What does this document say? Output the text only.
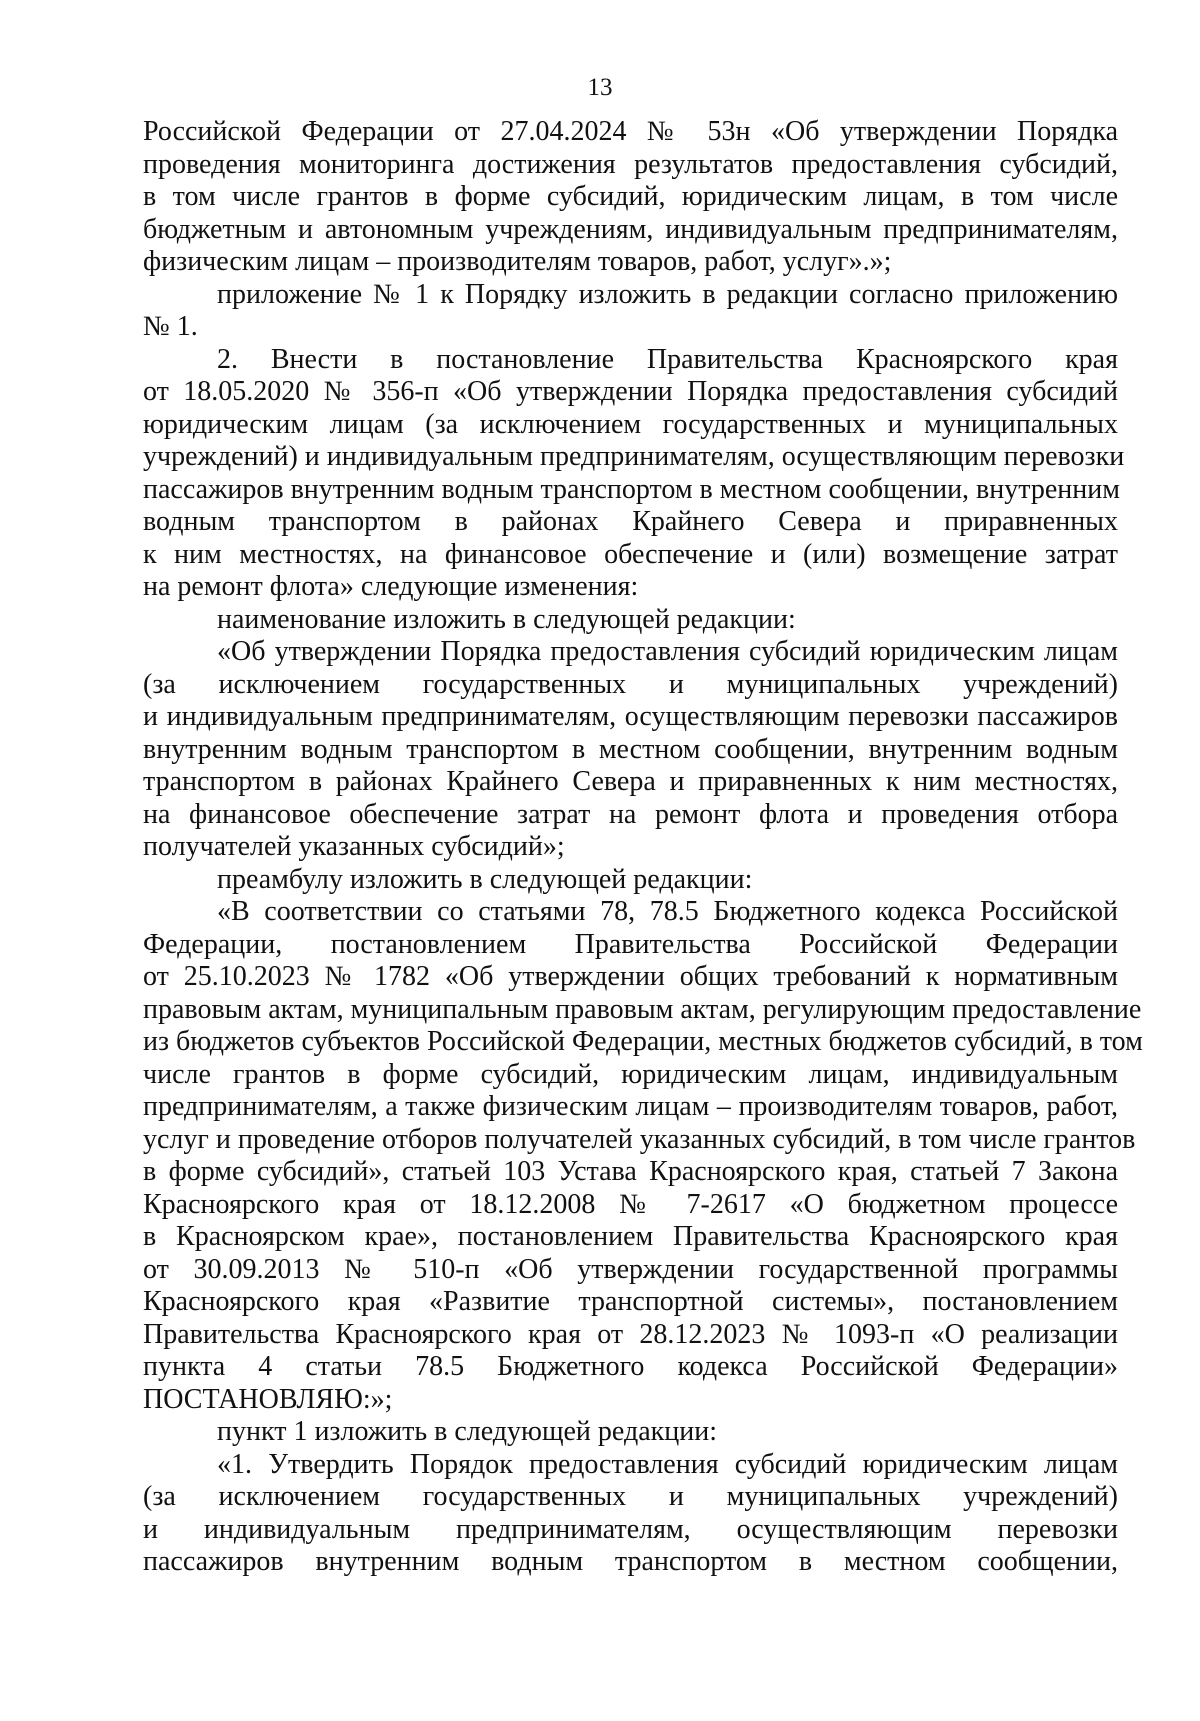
13
Российской Федерации от 27.04.2024 № 53н «Об утверждении Порядка
проведения мониторинга достижения результатов предоставления субсидий,
в том числе грантов в форме субсидий, юридическим лицам, в том числе
бюджетным и автономным учреждениям, индивидуальным предпринимателям,
физическим лицам – производителям товаров, работ, услуг».»;
приложение № 1 к Порядку изложить в редакции согласно приложению
№ 1.
2. Внести в постановление Правительства Красноярского края
от 18.05.2020 № 356-п «Об утверждении Порядка предоставления субсидий
юридическим лицам (за исключением государственных и муниципальных
учреждений) и индивидуальным предпринимателям, осуществляющим перевозки
пассажиров внутренним водным транспортом в местном сообщении, внутренним
водным транспортом в районах Крайнего Севера и приравненных
к ним местностях, на финансовое обеспечение и (или) возмещение затрат
на ремонт флота» следующие изменения:
наименование изложить в следующей редакции:
«Об утверждении Порядка предоставления субсидий юридическим лицам
(за исключением государственных и муниципальных учреждений)
и индивидуальным предпринимателям, осуществляющим перевозки пассажиров
внутренним водным транспортом в местном сообщении, внутренним водным
транспортом в районах Крайнего Севера и приравненных к ним местностях,
на финансовое обеспечение затрат на ремонт флота и проведения отбора
получателей указанных субсидий»;
преамбулу изложить в следующей редакции:
«В соответствии со статьями 78, 78.5 Бюджетного кодекса Российской
Федерации, постановлением Правительства Российской Федерации
от 25.10.2023 № 1782 «Об утверждении общих требований к нормативным
правовым актам, муниципальным правовым актам, регулирующим предоставление
из бюджетов субъектов Российской Федерации, местных бюджетов субсидий, в том
числе грантов в форме субсидий, юридическим лицам, индивидуальным
предпринимателям, а также физическим лицам – производителям товаров, работ,
услуг и проведение отборов получателей указанных субсидий, в том числе грантов
в форме субсидий», статьей 103 Устава Красноярского края, статьей 7 Закона
Красноярского края от 18.12.2008 № 7-2617 «О бюджетном процессе
в Красноярском крае», постановлением Правительства Красноярского края
от 30.09.2013 № 510-п «Об утверждении государственной программы
Красноярского края «Развитие транспортной системы», постановлением
Правительства Красноярского края от 28.12.2023 № 1093-п «О реализации
пункта 4 статьи 78.5 Бюджетного кодекса Российской Федерации»
ПОСТАНОВЛЯЮ:»;
пункт 1 изложить в следующей редакции:
«1. Утвердить Порядок предоставления субсидий юридическим лицам
(за исключением государственных и муниципальных учреждений)
и индивидуальным предпринимателям, осуществляющим перевозки
пассажиров внутренним водным транспортом в местном сообщении,
